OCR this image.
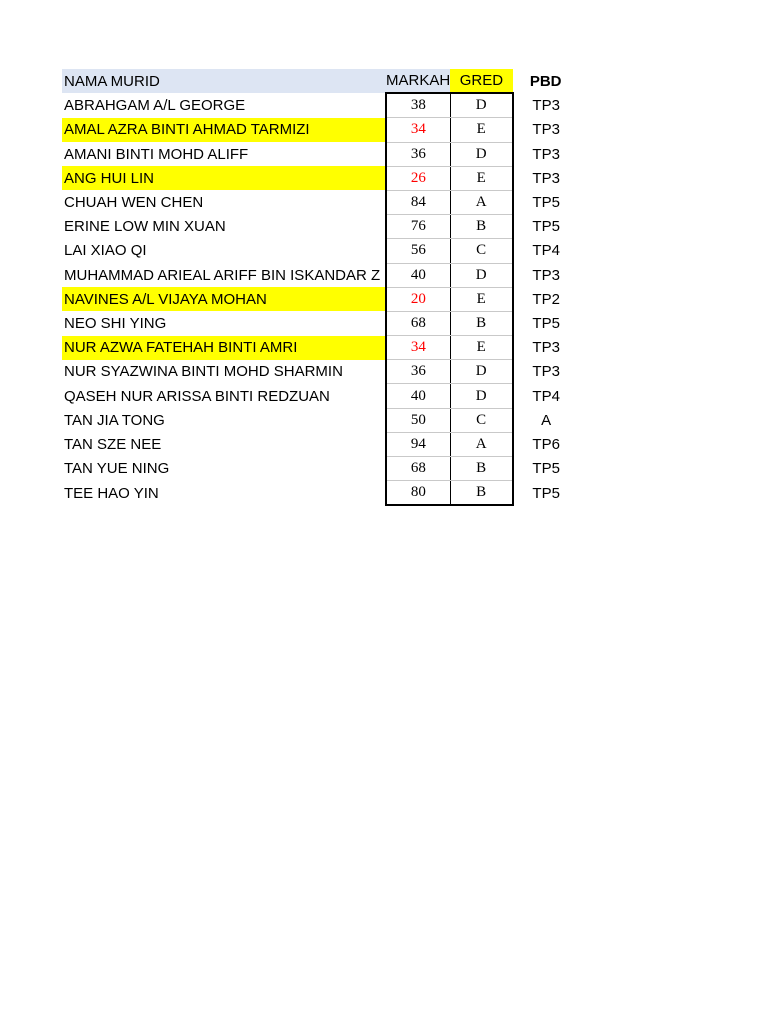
NAMA MURID	MARKAH	GRED	PBD
ABRAHGAM A/L GEORGE	38	D	TP3
AMAL AZRA BINTI AHMAD TARMIZI	34	E	TP3
AMANI BINTI MOHD ALIFF	36	D	TP3
ANG HUI LIN	26	E	TP3
CHUAH WEN CHEN	84	A	TP5
ERINE LOW MIN XUAN	76	B	TP5
LAI XIAO QI	56	C	TP4
MUHAMMAD ARIEAL ARIFF BIN ISKANDAR Z	40	D	TP3
NAVINES A/L VIJAYA MOHAN	20	E	TP2
NEO SHI YING	68	B	TP5
NUR AZWA FATEHAH BINTI AMRI	34	E	TP3
NUR SYAZWINA BINTI MOHD SHARMIN	36	D	TP3
QASEH NUR ARISSA BINTI REDZUAN	40	D	TP4
TAN JIA TONG	50	C	A
TAN SZE NEE	94	A	TP6
TAN YUE NING	68	B	TP5
TEE HAO YIN	80	B	TP5
